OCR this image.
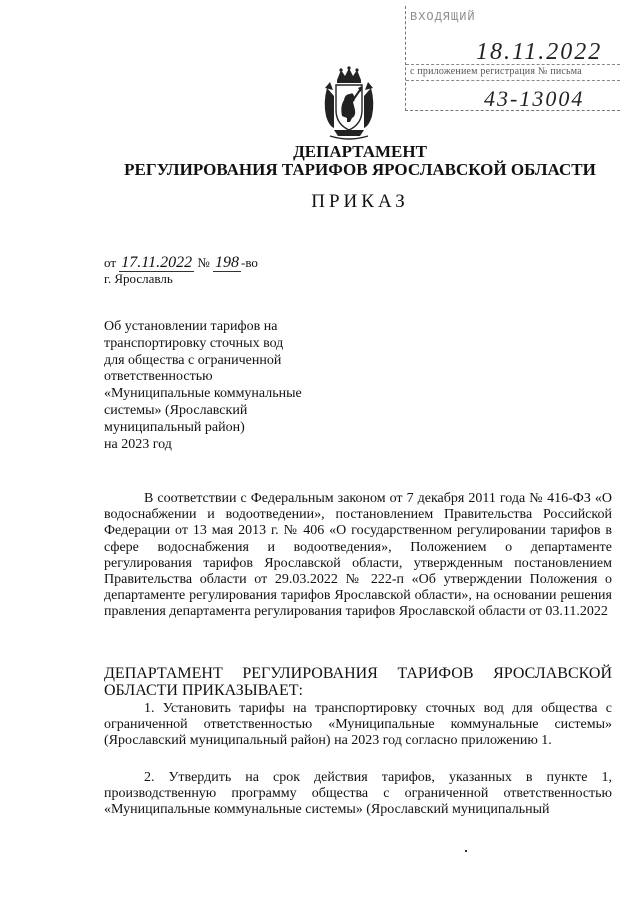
ВХОДЯЩИЙ
18.11.2022
с приложением регистрация № письма
43-13004
ДЕПАРТАМЕНТ
РЕГУЛИРОВАНИЯ ТАРИФОВ ЯРОСЛАВСКОЙ ОБЛАСТИ
ПРИКАЗ
от 17.11.2022 № 198 -во
г. Ярославль
Об установлении тарифов на
транспортировку сточных вод
для общества с ограниченной
ответственностью
«Муниципальные коммунальные
системы» (Ярославский
муниципальный район)
на 2023 год
В соответствии с Федеральным законом от 7 декабря 2011 года № 416-ФЗ «О водоснабжении и водоотведении», постановлением Правительства Российской Федерации от 13 мая 2013 г. № 406 «О государственном регулировании тарифов в сфере водоснабжения и водоотведения», Положением о департаменте регулирования тарифов Ярославской области, утвержденным постановлением Правительства области от 29.03.2022 № 222-п «Об утверждении Положения о департаменте регулирования тарифов Ярославской области», на основании решения правления департамента регулирования тарифов Ярославской области от 03.11.2022
ДЕПАРТАМЕНТ РЕГУЛИРОВАНИЯ ТАРИФОВ ЯРОСЛАВСКОЙ ОБЛАСТИ ПРИКАЗЫВАЕТ:
1. Установить тарифы на транспортировку сточных вод для общества с ограниченной ответственностью «Муниципальные коммунальные системы» (Ярославский муниципальный район) на 2023 год согласно приложению 1.
2. Утвердить на срок действия тарифов, указанных в пункте 1, производственную программу общества с ограниченной ответственностью «Муниципальные коммунальные системы» (Ярославский муниципальный
